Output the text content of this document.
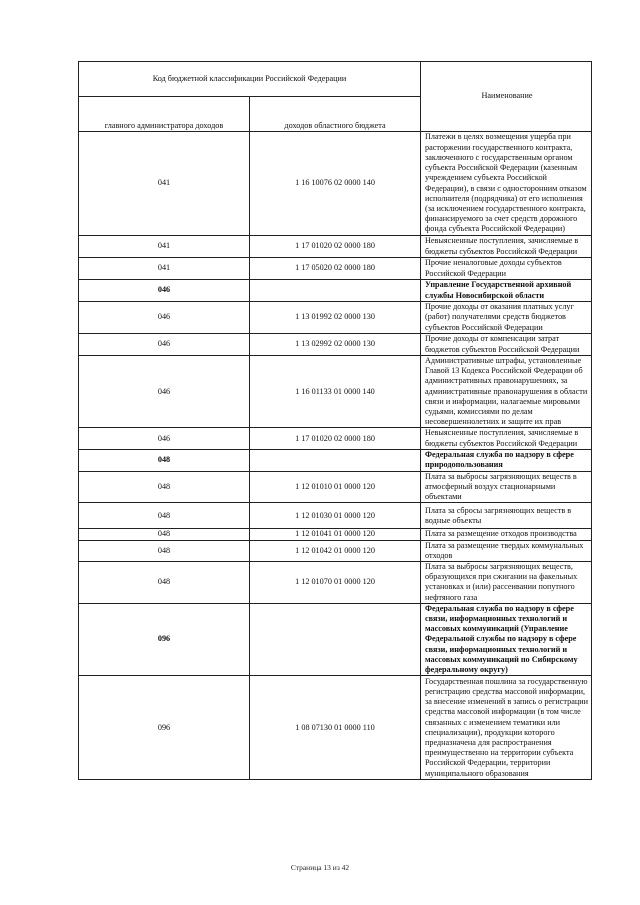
Код бюджетной классификации Российской Федерации		Наименование
главного администратора доходов	доходов областного бюджета	
041	1 16 10076 02 0000 140	Платежи в целях возмещения ущерба при расторжении государственного контракта, заключенного с государственным органом субъекта Российской Федерации (казенным учреждением субъекта Российской Федерации), в связи с односторонним отказом исполнителя (подрядчика) от его исполнения (за исключением государственного контракта, финансируемого за счет средств дорожного фонда субъекта Российской Федерации)
041	1 17 01020 02 0000 180	Невыясненные поступления, зачисляемые в бюджеты субъектов Российской Федерации
041	1 17 05020 02 0000 180	Прочие неналоговые доходы субъектов Российской Федерации
046		Управление Государственной архивной службы Новосибирской области
046	1 13 01992 02 0000 130	Прочие доходы от оказания платных услуг (работ) получателями средств бюджетов субъектов Российской Федерации
046	1 13 02992 02 0000 130	Прочие доходы от компенсации затрат бюджетов субъектов Российской Федерации
046	1 16 01133 01 0000 140	Административные штрафы, установленные Главой 13 Кодекса Российской Федерации об административных правонарушениях, за административные правонарушения в области связи и информации, налагаемые мировыми судьями, комиссиями по делам несовершеннолетних и защите их прав
046	1 17 01020 02 0000 180	Невыясненные поступления, зачисляемые в бюджеты субъектов Российской Федерации
048		Федеральная служба по надзору в сфере природопользования
048	1 12 01010 01 0000 120	Плата за выбросы загрязняющих веществ в атмосферный воздух стационарными объектами
048	1 12 01030 01 0000 120	Плата за сбросы загрязняющих веществ в водные объекты
048	1 12 01041 01 0000 120	Плата за размещение отходов производства
048	1 12 01042 01 0000 120	Плата за размещение твердых коммунальных отходов
048	1 12 01070 01 0000 120	Плата за выбросы загрязняющих веществ, образующихся при сжигании на факельных установках и (или) рассеивании попутного нефтяного газа
096		Федеральная служба по надзору в сфере связи, информационных технологий и массовых коммуникаций (Управление Федеральной службы по надзору в сфере связи, информационных технологий и массовых коммуникаций по Сибирскому федеральному округу)
096	1 08 07130 01 0000 110	Государственная пошлина за государственную регистрацию средства массовой информации, за внесение изменений в запись о регистрации средства массовой информации (в том числе связанных с изменением тематики или специализации), продукции которого предназначена для распространения преимущественно на территории субъекта Российской Федерации, территории муниципального образования
Страница 13 из 42
